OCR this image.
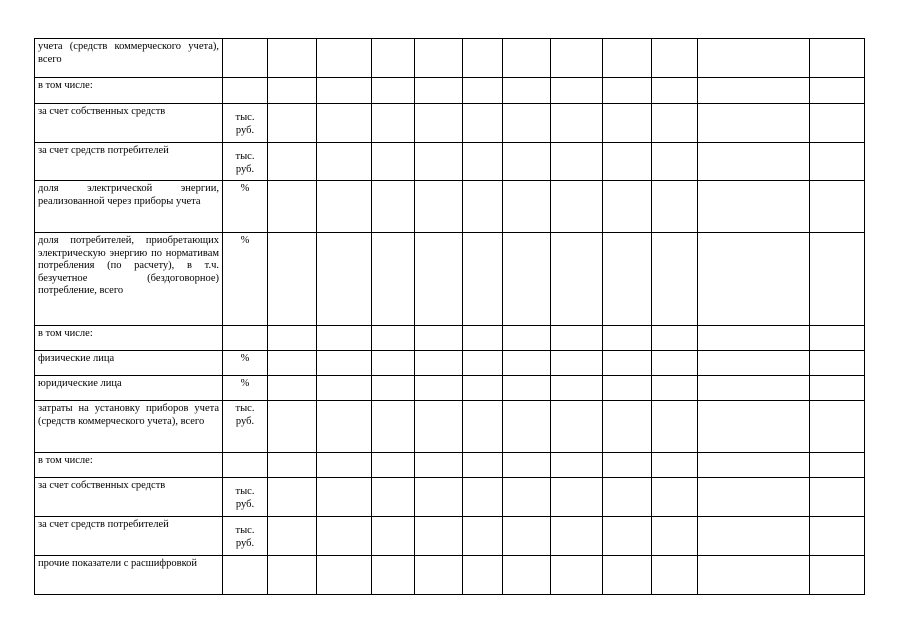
учета (средств коммерческого учета), всего												
в том числе:												
за счет собственных средств	тыс. руб.											
за счет средств потребителей	тыс. руб.											
доля электрической энергии, реализованной через приборы учета	%											
доля потребителей, приобретающих электрическую энергию по нормативам потребления (по расчету), в т.ч. безучетное (бездоговорное) потребление, всего	%											
в том числе:												
физические лица	%											
юридические лица	%											
затраты на установку приборов учета (средств коммерческого учета), всего	тыс. руб.											
в том числе:												
за счет собственных средств	тыс. руб.											
за счет средств потребителей	тыс. руб.											
прочие показатели с расшифровкой												
